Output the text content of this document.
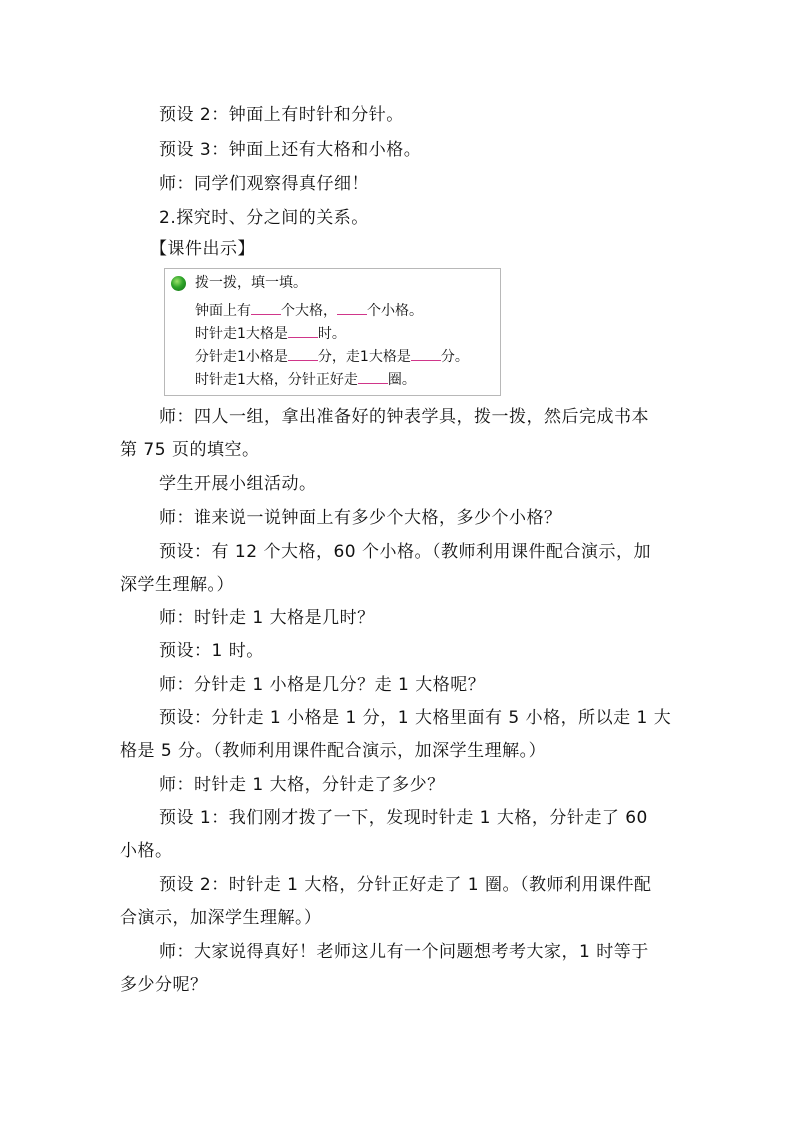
预设 2：钟面上有时针和分针。
预设 3：钟面上还有大格和小格。
师：同学们观察得真仔细！
2.探究时、分之间的关系。
【课件出示】
拨一拨，填一填。
钟面上有 个大格， 个小格。
时针走1大格是 时。
分针走1小格是 分，走1大格是 分。
时针走1大格，分针正好走 圈。
师：四人一组，拿出准备好的钟表学具，拨一拨，然后完成书本
第 75 页的填空。
学生开展小组活动。
师：谁来说一说钟面上有多少个大格，多少个小格？
预设：有 12 个大格，60 个小格。（教师利用课件配合演示，加
深学生理解。）
师：时针走 1 大格是几时？
预设：1 时。
师：分针走 1 小格是几分？走 1 大格呢？
预设：分针走 1 小格是 1 分，1 大格里面有 5 小格，所以走 1 大
格是 5 分。（教师利用课件配合演示，加深学生理解。）
师：时针走 1 大格，分针走了多少？
预设 1：我们刚才拨了一下，发现时针走 1 大格，分针走了 60
小格。
预设 2：时针走 1 大格，分针正好走了 1 圈。（教师利用课件配
合演示，加深学生理解。）
师：大家说得真好！老师这儿有一个问题想考考大家，1 时等于
多少分呢？
